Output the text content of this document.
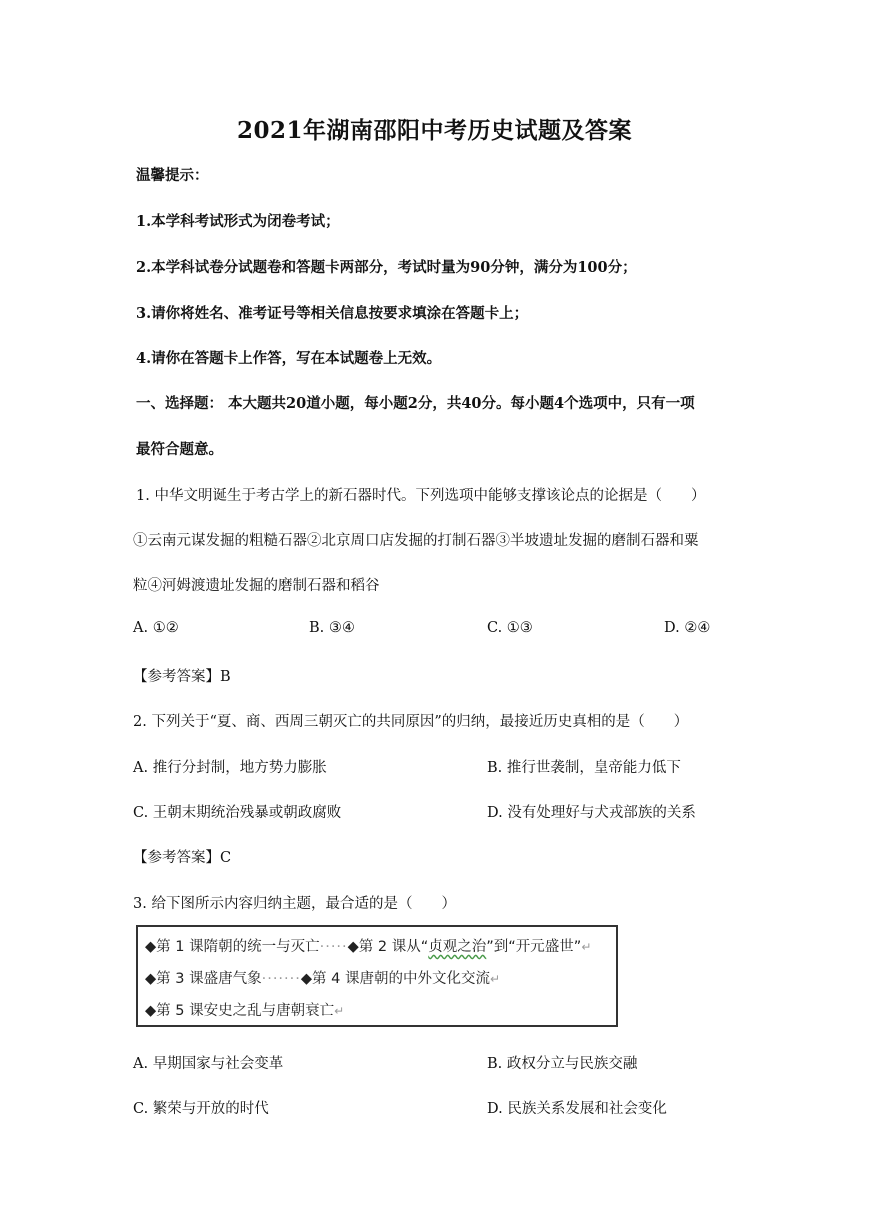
2021年湖南邵阳中考历史试题及答案
温馨提示：
1.本学科考试形式为闭卷考试；
2.本学科试卷分试题卷和答题卡两部分，考试时量为90分钟，满分为100分；
3.请你将姓名、准考证号等相关信息按要求填涂在答题卡上；
4.请你在答题卡上作答，写在本试题卷上无效。
一、选择题： 本大题共20道小题，每小题2分，共40分。每小题4个选项中，只有一项
最符合题意。
1. 中华文明诞生于考古学上的新石器时代。下列选项中能够支撑该论点的论据是（　　）
①云南元谋发掘的粗糙石器②北京周口店发掘的打制石器③半坡遗址发掘的磨制石器和粟
粒④河姆渡遗址发掘的磨制石器和稻谷
A. ①②	B. ③④	C. ①③	D. ②④
【参考答案】B
2. 下列关于“夏、商、西周三朝灭亡的共同原因”的归纳，最接近历史真相的是（　　）
A. 推行分封制，地方势力膨胀	B. 推行世袭制，皇帝能力低下
C. 王朝末期统治残暴或朝政腐败	D. 没有处理好与犬戎部族的关系
【参考答案】C
3. 给下图所示内容归纳主题，最合适的是（　　）
◆第 1 课隋朝的统一与灭亡·····◆第 2 课从“贞观之治”到“开元盛世”↵
◆第 3 课盛唐气象·······◆第 4 课唐朝的中外文化交流↵
◆第 5 课安史之乱与唐朝衰亡↵
A. 早期国家与社会变革	B. 政权分立与民族交融
C. 繁荣与开放的时代	D. 民族关系发展和社会变化
